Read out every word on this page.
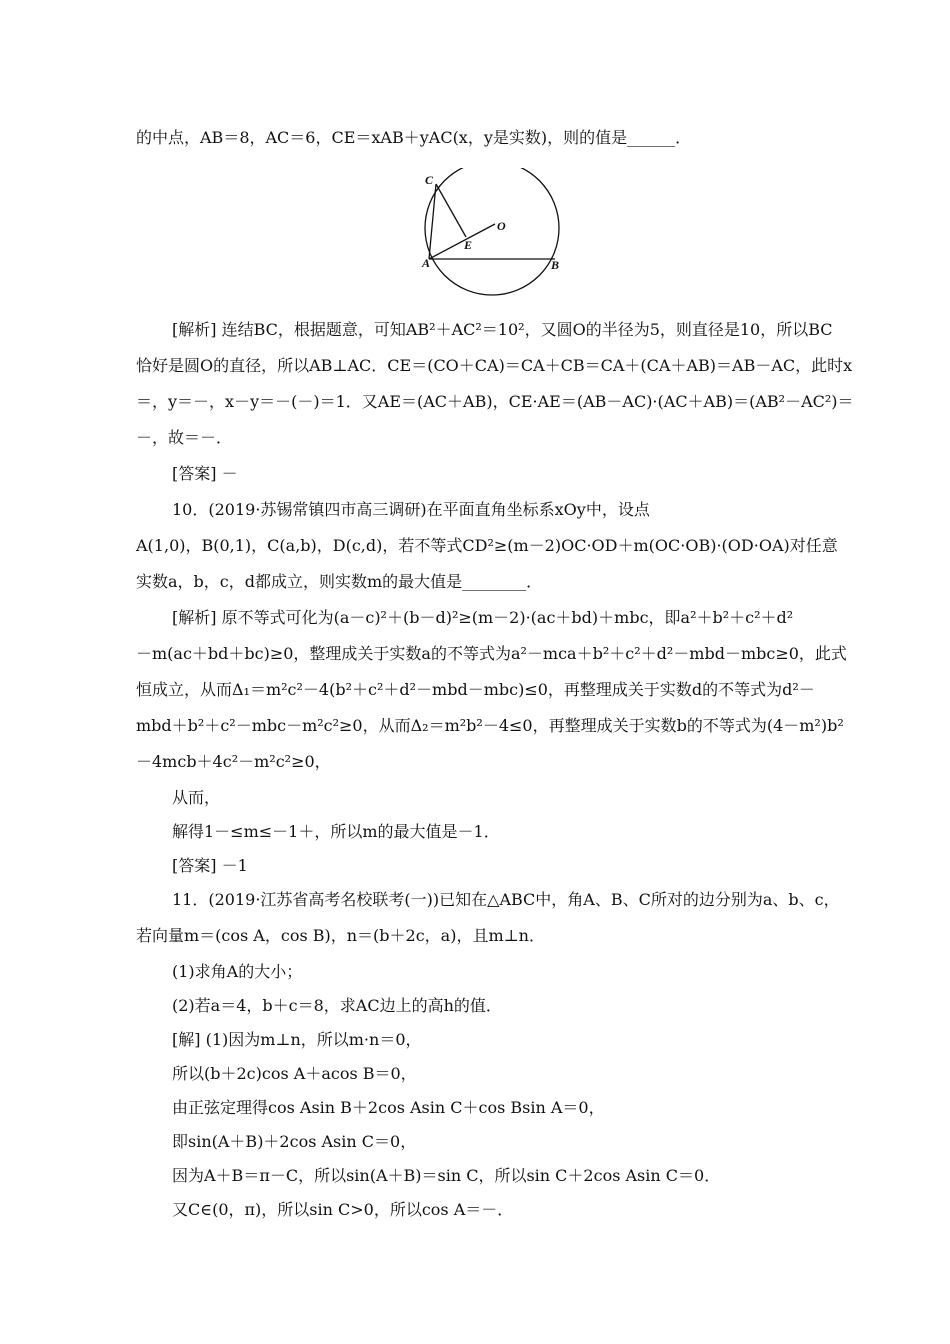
的中点，AB＝8，AC＝6，CE＝xAB＋yAC(x，y是实数)，则的值是______．
C
O
E
A	B
[解析] 连结BC，根据题意，可知AB²＋AC²＝10²，又圆O的半径为5，则直径是10，所以BC
恰好是圆O的直径，所以AB⊥AC．CE＝(CO＋CA)＝CA＋CB＝CA＋(CA＋AB)＝AB－AC，此时x
＝，y＝－，x－y＝－(－)＝1．又AE＝(AC＋AB)，CE·AE＝(AB－AC)·(AC＋AB)＝(AB²－AC²)＝
－，故＝－．
[答案] －
10．(2019·苏锡常镇四市高三调研)在平面直角坐标系xOy中，设点
A(1,0)，B(0,1)，C(a,b)，D(c,d)，若不等式CD²≥(m－2)OC·OD＋m(OC·OB)·(OD·OA)对任意
实数a，b，c，d都成立，则实数m的最大值是________．
[解析] 原不等式可化为(a－c)²＋(b－d)²≥(m－2)·(ac＋bd)＋mbc，即a²＋b²＋c²＋d²
－m(ac＋bd＋bc)≥0，整理成关于实数a的不等式为a²－mca＋b²＋c²＋d²－mbd－mbc≥0，此式
恒成立，从而Δ₁＝m²c²－4(b²＋c²＋d²－mbd－mbc)≤0，再整理成关于实数d的不等式为d²－
mbd＋b²＋c²－mbc－m²c²≥0，从而Δ₂＝m²b²－4≤0，再整理成关于实数b的不等式为(4－m²)b²
－4mcb＋4c²－m²c²≥0，
从而，
解得1－≤m≤－1＋，所以m的最大值是－1．
[答案] －1
11．(2019·江苏省高考名校联考(一))已知在△ABC中，角A、B、C所对的边分别为a、b、c，
若向量m＝(cos A，cos B)，n＝(b＋2c，a)，且m⊥n．
(1)求角A的大小；
(2)若a＝4，b＋c＝8，求AC边上的高h的值．
[解] (1)因为m⊥n，所以m·n＝0，
所以(b＋2c)cos A＋acos B＝0，
由正弦定理得cos Asin B＋2cos Asin C＋cos Bsin A＝0，
即sin(A＋B)＋2cos Asin C＝0，
因为A＋B＝π－C，所以sin(A＋B)＝sin C，所以sin C＋2cos Asin C＝0．
又C∈(0，π)，所以sin C>0，所以cos A＝－．
